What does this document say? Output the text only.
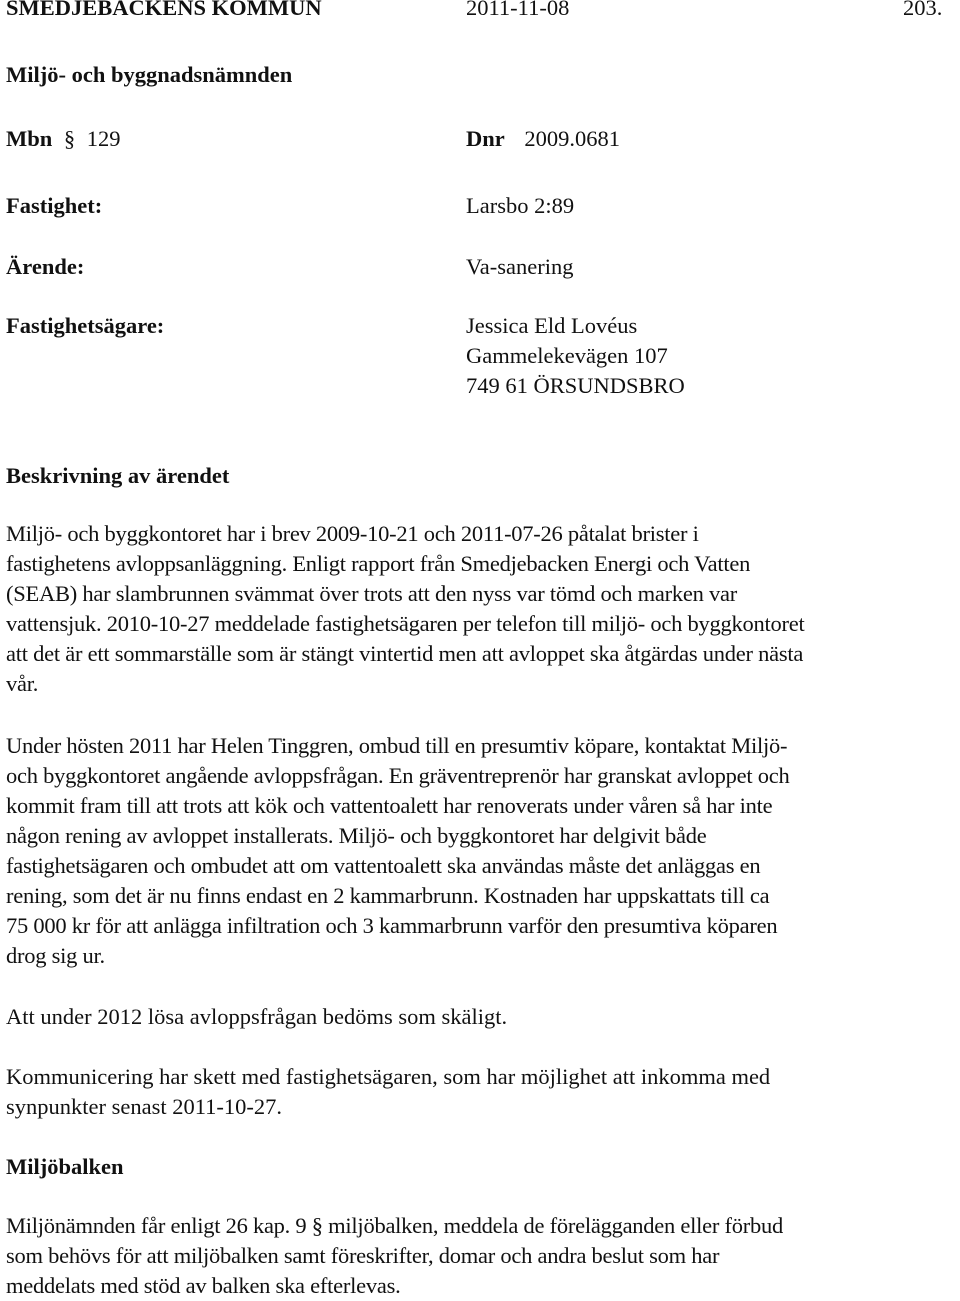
SMEDJEBACKENS KOMMUN	2011-11-08	203.
Miljö- och byggnadsnämnden
Mbn § 129	Dnr 2009.0681
Fastighet:	Larsbo 2:89
Ärende:	Va-sanering
Fastighetsägare:	Jessica Eld Lovéus
Gammelekevägen 107
749 61 ÖRSUNDSBRO
Beskrivning av ärendet
Miljö- och byggkontoret har i brev 2009-10-21 och 2011-07-26 påtalat brister i
fastighetens avloppsanläggning. Enligt rapport från Smedjebacken Energi och Vatten
(SEAB) har slambrunnen svämmat över trots att den nyss var tömd och marken var
vattensjuk. 2010-10-27 meddelade fastighetsägaren per telefon till miljö- och byggkontoret
att det är ett sommarställe som är stängt vintertid men att avloppet ska åtgärdas under nästa
vår.
Under hösten 2011 har Helen Tinggren, ombud till en presumtiv köpare, kontaktat Miljö-
och byggkontoret angående avloppsfrågan. En gräventreprenör har granskat avloppet och
kommit fram till att trots att kök och vattentoalett har renoverats under våren så har inte
någon rening av avloppet installerats. Miljö- och byggkontoret har delgivit både
fastighetsägaren och ombudet att om vattentoalett ska användas måste det anläggas en
rening, som det är nu finns endast en 2 kammarbrunn. Kostnaden har uppskattats till ca
75 000 kr för att anlägga infiltration och 3 kammarbrunn varför den presumtiva köparen
drog sig ur.
Att under 2012 lösa avloppsfrågan bedöms som skäligt.
Kommunicering har skett med fastighetsägaren, som har möjlighet att inkomma med
synpunkter senast 2011-10-27.
Miljöbalken
Miljönämnden får enligt 26 kap. 9 § miljöbalken, meddela de förelägganden eller förbud
som behövs för att miljöbalken samt föreskrifter, domar och andra beslut som har
meddelats med stöd av balken ska efterlevas.
